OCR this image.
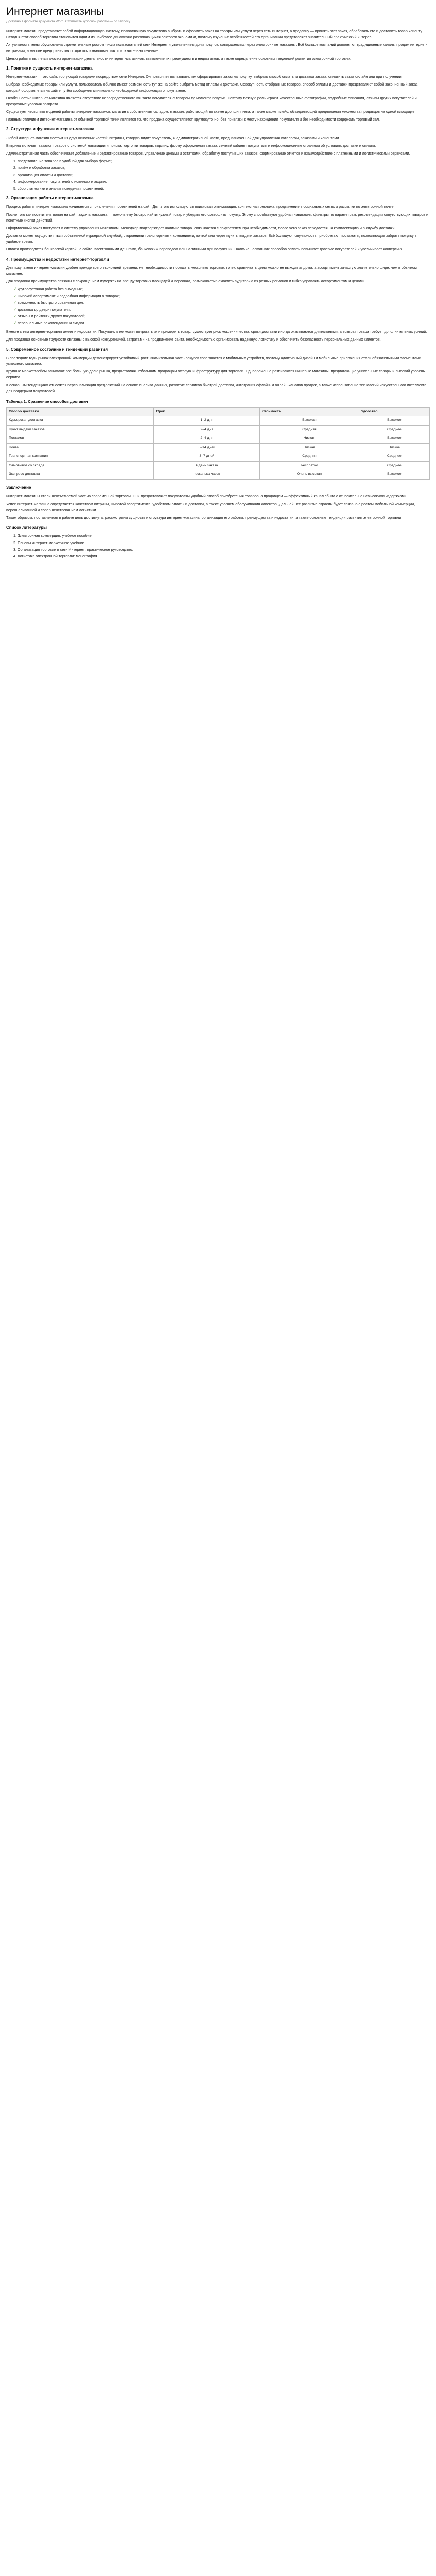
Интернет магазины
Доступно в формате документа Word. Стоимость курсовой работы — по запросу

Интернет-магазин представляет собой информационную систему, позволяющую покупателю выбрать и оформить заказ на товары или услуги через сеть Интернет, а продавцу — принять этот заказ, обработать его и доставить товар клиенту. Сегодня этот способ торговли становится одним из наиболее динамично развивающихся секторов экономики, поэтому изучение особенностей его организации представляет значительный практический интерес.

Актуальность темы обусловлена стремительным ростом числа пользователей сети Интернет и увеличением доли покупок, совершаемых через электронные магазины. Всё больше компаний дополняют традиционные каналы продаж интернет-витринами, а многие предприниятия создаются изначально как исключительно сетевые.

Целью работы является анализ организации деятельности интернет-магазинов, выявление их преимуществ и недостатков, а также определение основных тенденций развития электронной торговли.

1. Понятие и сущность интернет-магазина

Интернет-магазин — это сайт, торгующий товарами посредством сети Интернет. Он позволяет пользователям сформировать заказ на покупку, выбрать способ оплаты и доставки заказа, оплатить заказ онлайн или при получении.

Выбрав необходимые товары или услуги, пользователь обычно имеет возможность тут же на сайте выбрать метод оплаты и доставки. Совокупность отобранных товаров, способ оплаты и доставки представляют собой законченный заказ, который оформляется на сайте путём сообщения минимально необходимой информации о покупателе.

Особенностью интернет-магазина является отсутствие непосредственного контакта покупателя с товаром до момента покупки. Поэтому важную роль играют качественные фотографии, подробные описания, отзывы других покупателей и прозрачные условия возврата.

Существует несколько моделей работы интернет-магазинов: магазин с собственным складом, магазин, работающий по схеме дропшиппинга, а также маркетплейс, объединяющий предложения множества продавцов на одной площадке.

Главным отличием интернет-магазина от обычной торговой точки является то, что продажа осуществляется круглосуточно, без привязки к месту нахождения покупателя и без необходимости содержать торговый зал.

2. Структура и функции интернет-магазина

Любой интернет-магазин состоит из двух основных частей: витрины, которую видит покупатель, и административной части, предназначенной для управления каталогом, заказами и клиентами.

Витрина включает каталог товаров с системой навигации и поиска, карточки товаров, корзину, форму оформления заказа, личный кабинет покупателя и информационные страницы об условиях доставки и оплаты.

Административная часть обеспечивает добавление и редактирование товаров, управление ценами и остатками, обработку поступивших заказов, формирование отчётов и взаимодействие с платёжными и логистическими сервисами.

1. представление товаров в удобной для выбора форме;
2. приём и обработка заказов;
3. организация оплаты и доставки;
4. информирование покупателей о новинках и акциях;
5. сбор статистики и анализ поведения посетителей.
3. Организация работы интернет-магазина

Процесс работы интернет-магазина начинается с привлечения посетителей на сайт. Для этого используются поисковая оптимизация, контекстная реклама, продвижение в социальных сетях и рассылки по электронной почте.

После того как посетитель попал на сайт, задача магазина — помочь ему быстро найти нужный товар и убедить его совершить покупку. Этому способствуют удобная навигация, фильтры по параметрам, рекомендации сопутствующих товаров и понятные кнопки действий.

Оформленный заказ поступает в систему управления магазином. Менеджер подтверждает наличие товара, связывается с покупателем при необходимости, после чего заказ передаётся на комплектацию и в службу доставки.

Доставка может осуществляться собственной курьерской службой, сторонними транспортными компаниями, почтой или через пункты выдачи заказов. Всё большую популярность приобретают постаматы, позволяющие забрать покупку в удобное время.

Оплата производится банковской картой на сайте, электронными деньгами, банковским переводом или наличными при получении. Наличие нескольких способов оплаты повышает доверие покупателей и увеличивает конверсию.

4. Преимущества и недостатки интернет-торговли

Для покупателя интернет-магазин удобен прежде всего экономией времени: нет необходимости посещать несколько торговых точек, сравнивать цены можно не выходя из дома, а ассортимент зачастую значительно шире, чем в обычном магазине.

Для продавца преимущества связаны с сокращением издержек на аренду торговых площадей и персонал, возможностью охватить аудиторию из разных регионов и гибко управлять ассортиментом и ценами.

✓ круглосуточная работа без выходных;
✓ широкий ассортимент и подробная информация о товарах;
✓ возможность быстрого сравнения цен;
✓ доставка до двери покупателя;
✓ отзывы и рейтинги других покупателей;
✓ персональные рекомендации и скидки.

Вместе с тем интернет-торговля имеет и недостатки. Покупатель не может потрогать или примерить товар, существует риск мошенничества, сроки доставки иногда оказываются длительными, а возврат товара требует дополнительных усилий.

Для продавца основные трудности связаны с высокой конкуренцией, затратами на продвижение сайта, необходимостью организовать надёжную логистику и обеспечить безопасность персональных данных клиентов.

5. Современное состояние и тенденции развития

В последние годы рынок электронной коммерции демонстрирует устойчивый рост. Значительная часть покупок совершается с мобильных устройств, поэтому адаптивный дизайн и мобильные приложения стали обязательными элементами успешного магазина.

Крупные маркетплейсы занимают всё большую долю рынка, предоставляя небольшим продавцам готовую инфраструктуру для торговли. Одновременно развиваются нишевые магазины, предлагающие уникальные товары и высокий уровень сервиса.

К основным тенденциям относятся персонализация предложений на основе анализа данных, развитие сервисов быстрой доставки, интеграция офлайн- и онлайн-каналов продаж, а также использование технологий искусственного интеллекта для поддержки покупателей.

Таблица 1. Сравнение способов доставки
Способ доставки	Срок	Стоимость	Удобство
Курьерская доставка	1–2 дня	Высокая	Высокое
Пункт выдачи заказов	2–4 дня	Средняя	Среднее
Постамат	2–4 дня	Низкая	Высокое
Почта	5–14 дней	Низкая	Низкое
Транспортная компания	3–7 дней	Средняя	Среднее
Самовывоз со склада	в день заказа	Бесплатно	Среднее
Экспресс-доставка	несколько часов	Очень высокая	Высокое
Заключение

Интернет-магазины стали неотъемлемой частью современной торговли. Они предоставляют покупателям удобный способ приобретения товаров, а продавцам — эффективный канал сбыта с относительно невысокими издержками.

Успех интернет-магазина определяется качеством витрины, широтой ассортимента, удобством оплаты и доставки, а также уровнем обслуживания клиентов. Дальнейшее развитие отрасли будет связано с ростом мобильной коммерции, персонализацией и совершенствованием логистики.

Таким образом, поставленная в работе цель достигнута: рассмотрены сущность и структура интернет-магазина, организация его работы, преимущества и недостатки, а также основные тенденции развития электронной торговли.

Список литературы
1. Электронная коммерция: учебное пособие.
2. Основы интернет-маркетинга: учебник.
3. Организация торговли в сети Интернет: практическое руководство.
4. Логистика электронной торговли: монография.
